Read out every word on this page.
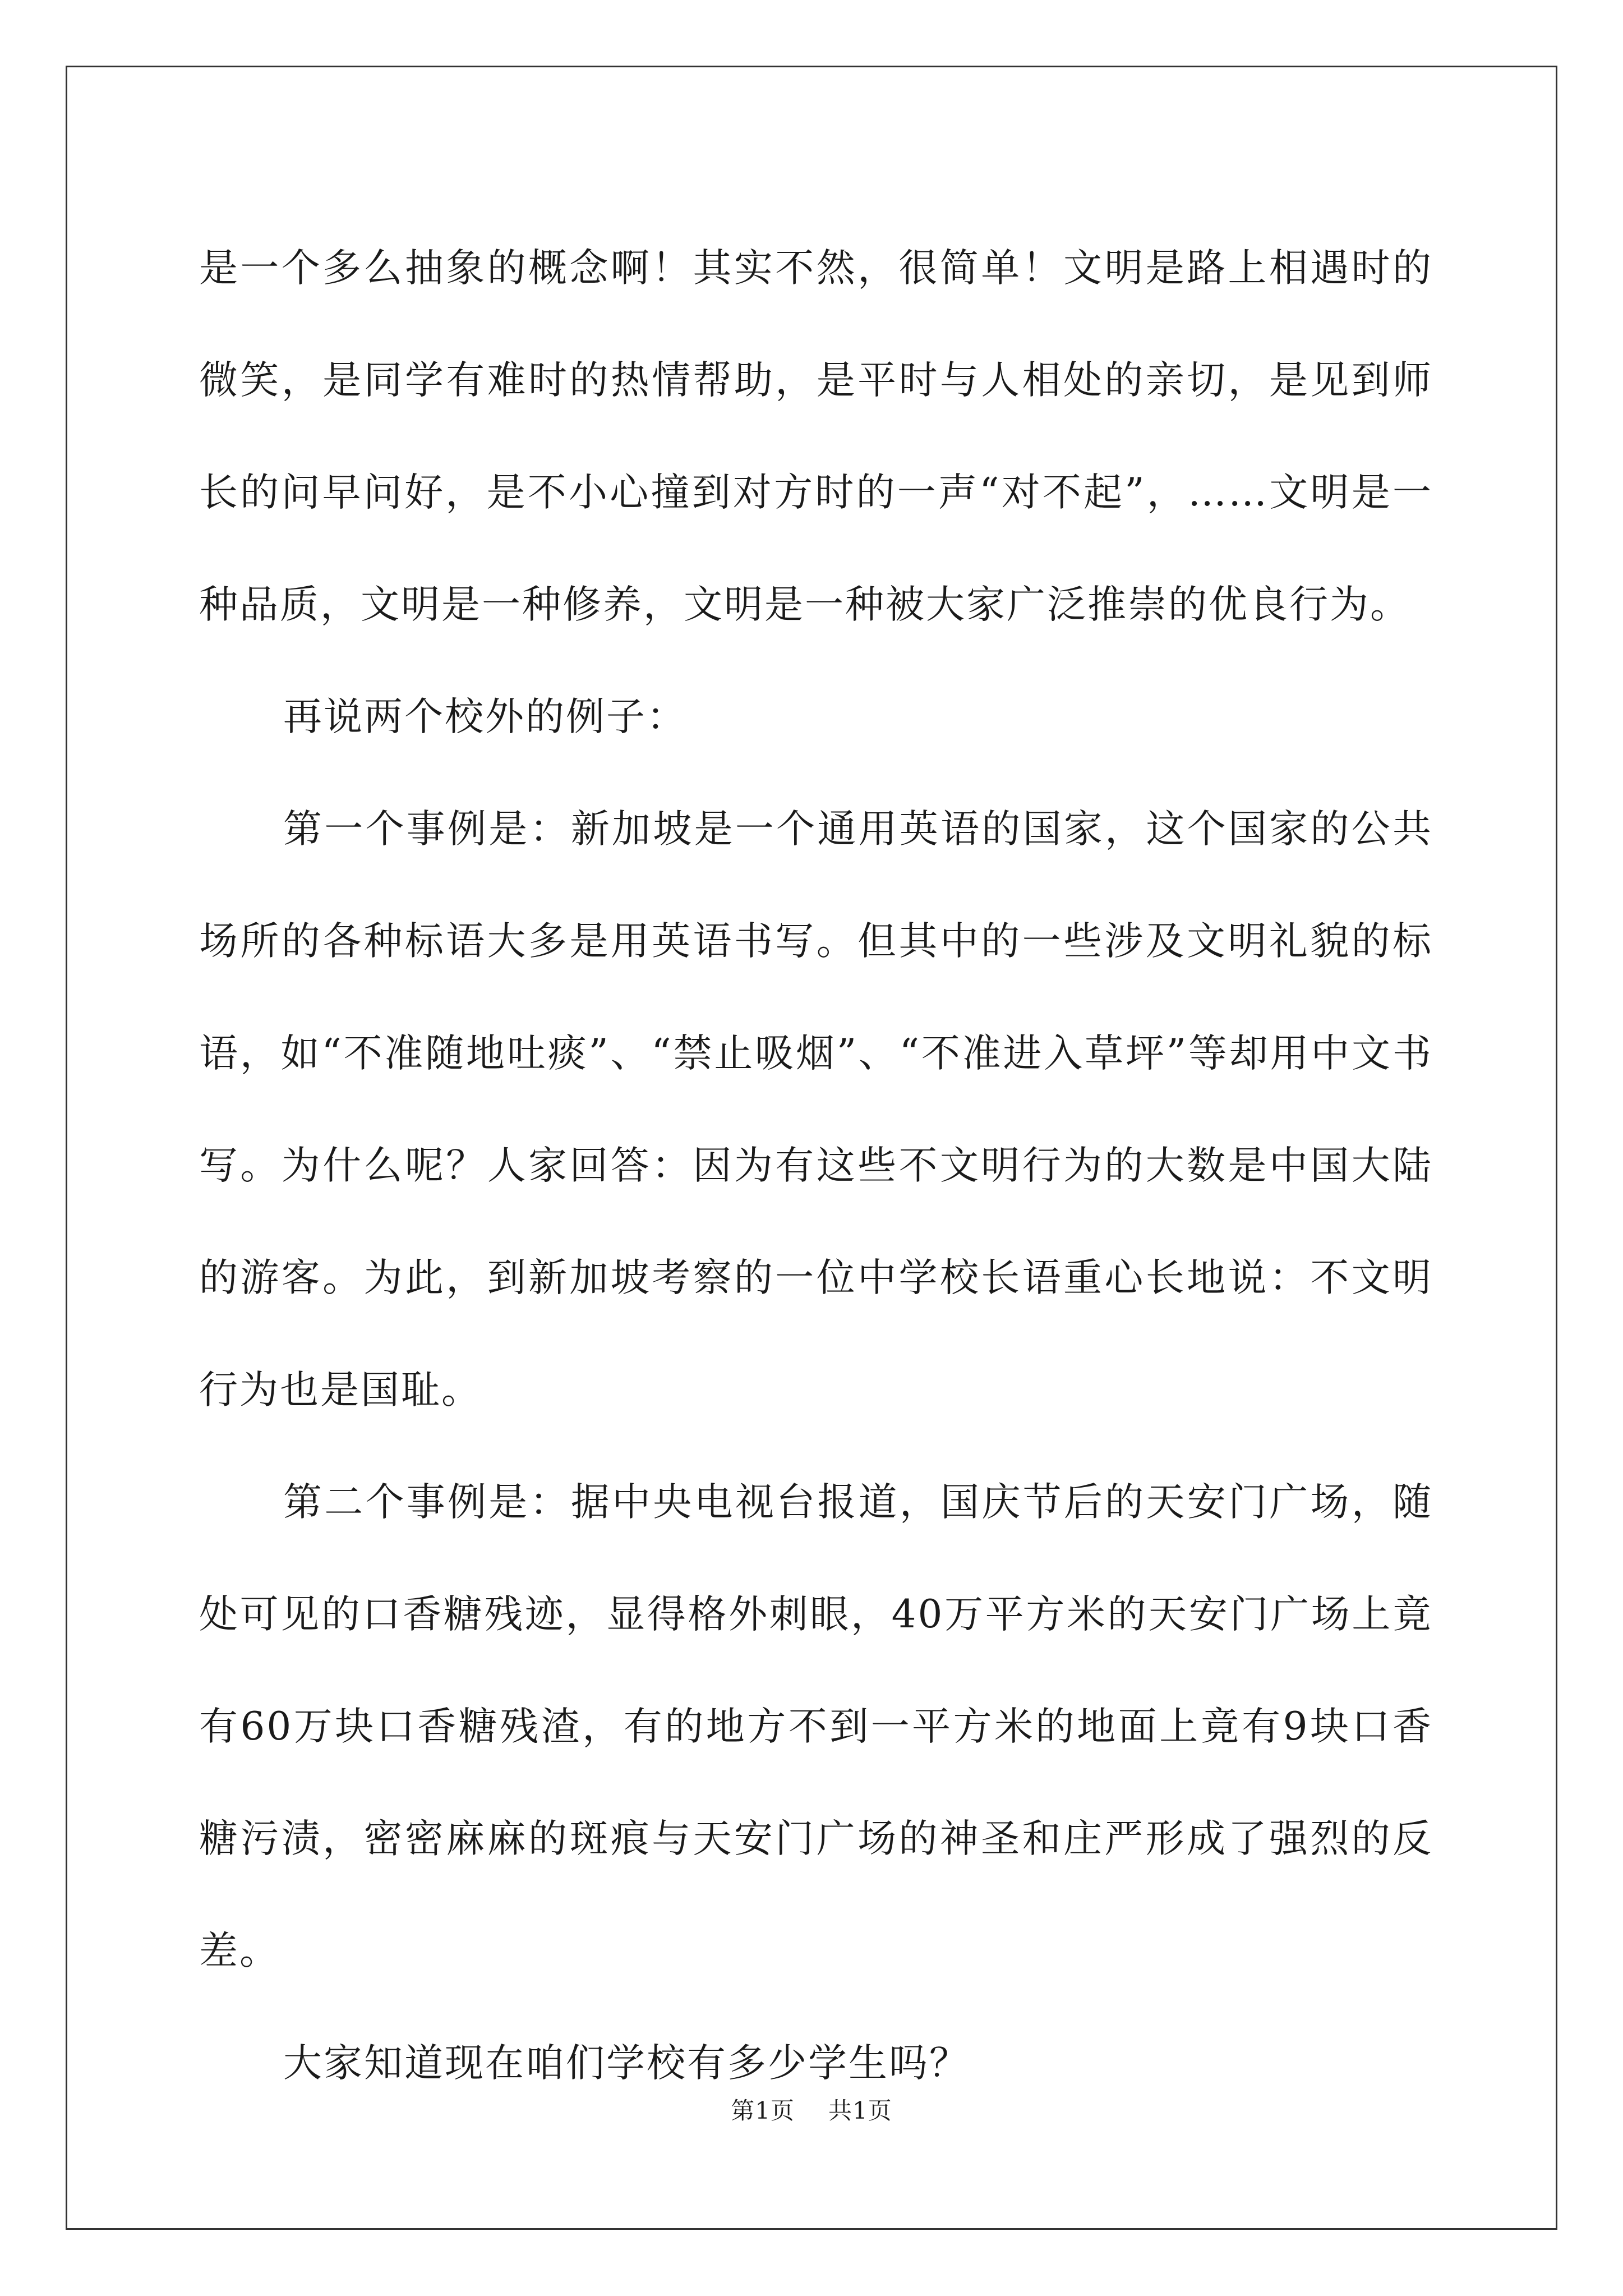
是一个多么抽象的概念啊！其实不然，很简单！文明是路上相遇时的微笑，是同学有难时的热情帮助，是平时与人相处的亲切，是见到师长的问早问好，是不小心撞到对方时的一声“对不起”，……文明是一种品质，文明是一种修养，文明是一种被大家广泛推崇的优良行为。

再说两个校外的例子：

第一个事例是：新加坡是一个通用英语的国家，这个国家的公共场所的各种标语大多是用英语书写。但其中的一些涉及文明礼貌的标语，如“不准随地吐痰”、“禁止吸烟”、“不准进入草坪”等却用中文书写。为什么呢？人家回答：因为有这些不文明行为的大数是中国大陆的游客。为此，到新加坡考察的一位中学校长语重心长地说：不文明行为也是国耻。

第二个事例是：据中央电视台报道，国庆节后的天安门广场，随处可见的口香糖残迹，显得格外刺眼，40万平方米的天安门广场上竟有60万块口香糖残渣，有的地方不到一平方米的地面上竟有9块口香糖污渍，密密麻麻的斑痕与天安门广场的神圣和庄严形成了强烈的反差。

大家知道现在咱们学校有多少学生吗？

第1页 共1页
